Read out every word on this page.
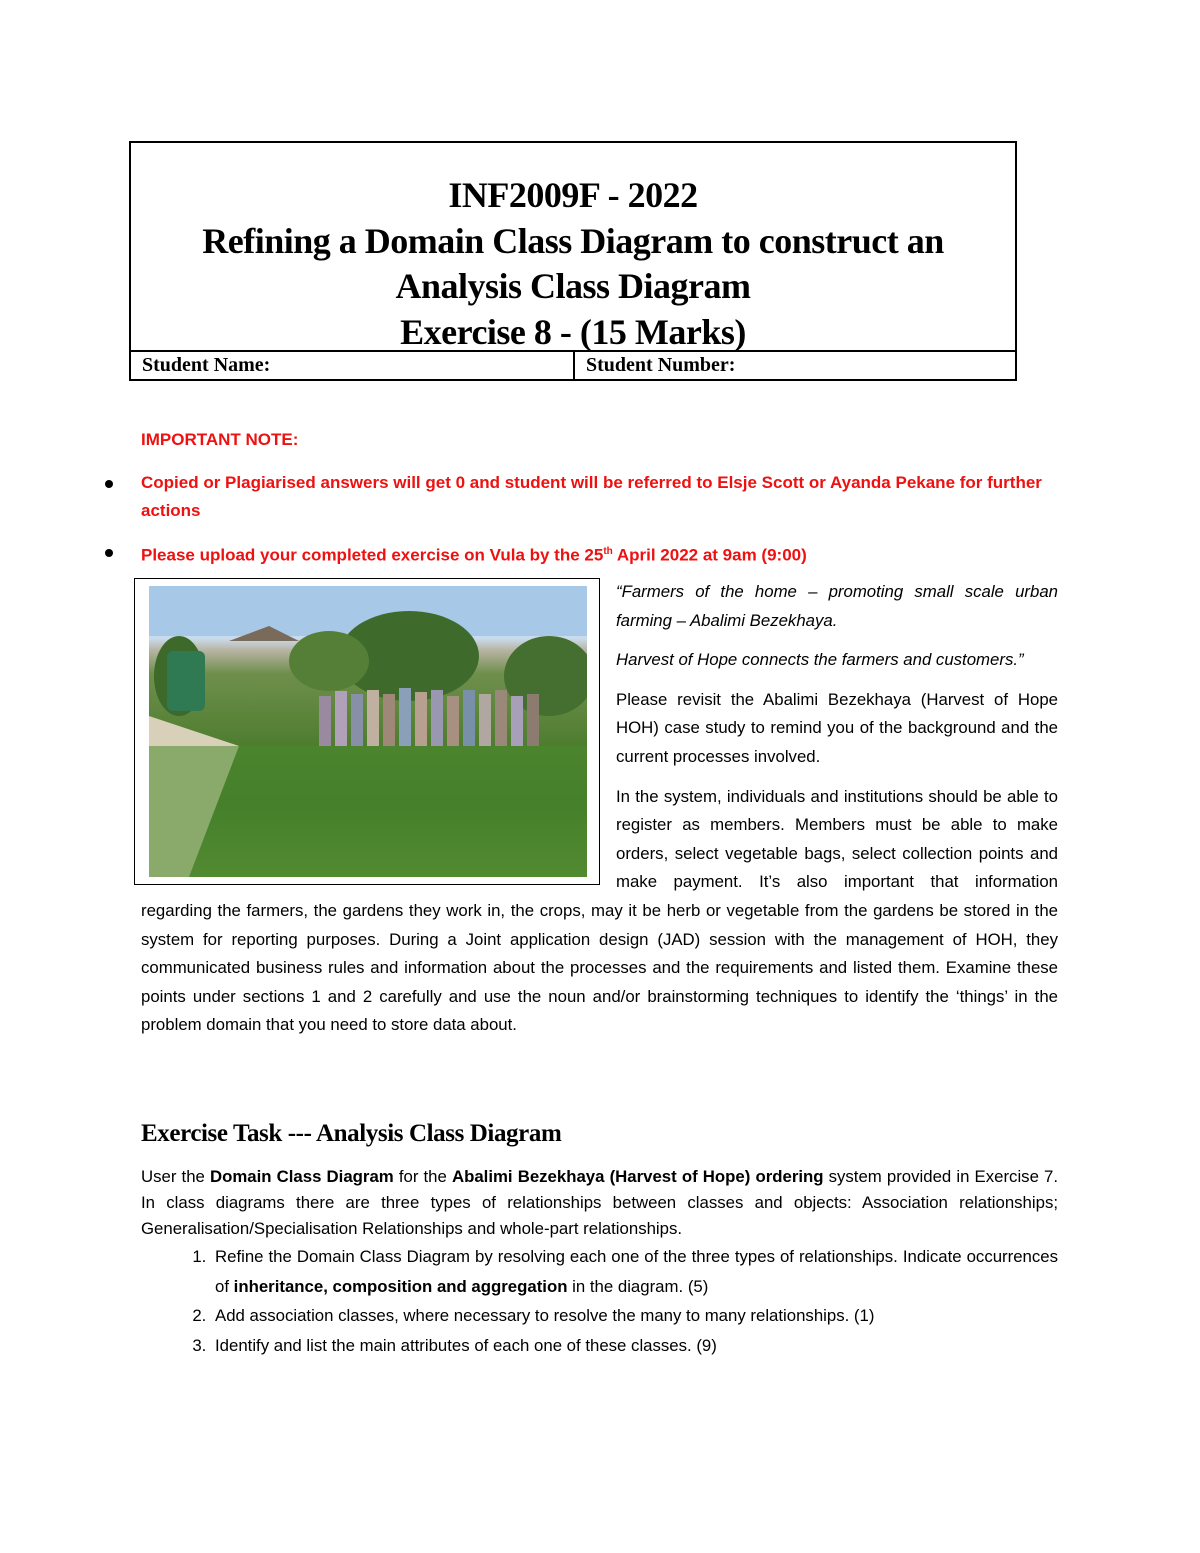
INF2009F - 2022
Refining a Domain Class Diagram to construct an
Analysis Class Diagram
Exercise 8 - (15 Marks)
Student Name:	Student Number:
IMPORTANT NOTE:
Copied or Plagiarised answers will get 0 and student will be referred to Elsje Scott or Ayanda Pekane for further actions
Please upload your completed exercise on Vula by the 25th April 2022 at 9am (9:00)

“Farmers of the home – promoting small scale urban farming – Abalimi Bezekhaya.

Harvest of Hope connects the farmers and customers.”

Please revisit the Abalimi Bezekhaya (Harvest of Hope HOH) case study to remind you of the background and the current processes involved.

In the system, individuals and institutions should be able to register as members. Members must be able to make orders, select vegetable bags, select collection points and make payment. It’s also important that information regarding the farmers, the gardens they work in, the crops, may it be herb or vegetable from the gardens be stored in the system for reporting purposes. During a Joint application design (JAD) session with the management of HOH, they communicated business rules and information about the processes and the requirements and listed them. Examine these points under sections 1 and 2 carefully and use the noun and/or brainstorming techniques to identify the ‘things’ in the problem domain that you need to store data about.

Exercise Task --- Analysis Class Diagram
User the Domain Class Diagram for the Abalimi Bezekhaya (Harvest of Hope) ordering system provided in Exercise 7. In class diagrams there are three types of relationships between classes and objects: Association relationships; Generalisation/Specialisation Relationships and whole-part relationships.
1. Refine the Domain Class Diagram by resolving each one of the three types of relationships. Indicate occurrences of inheritance, composition and aggregation in the diagram. (5)
2. Add association classes, where necessary to resolve the many to many relationships. (1)
3. Identify and list the main attributes of each one of these classes. (9)
